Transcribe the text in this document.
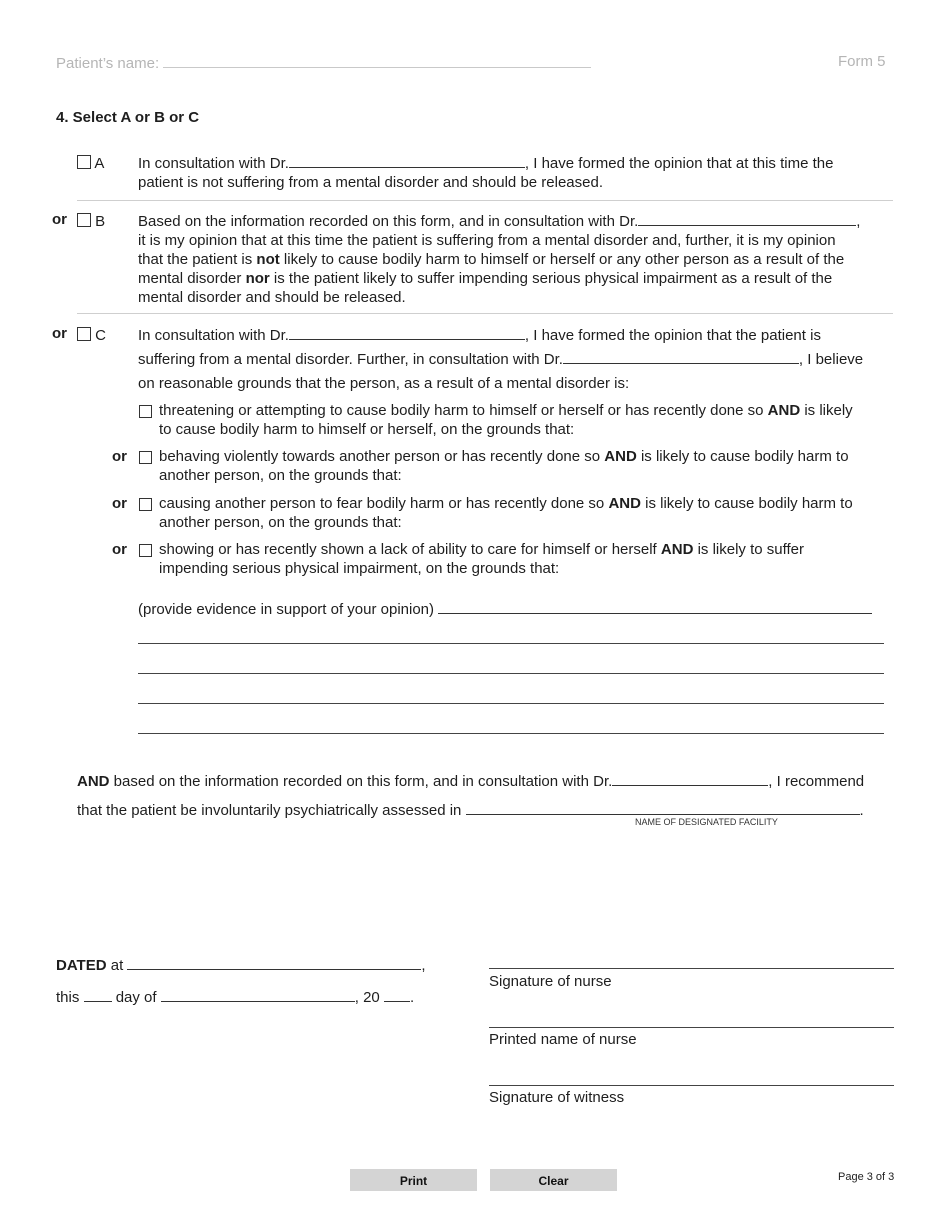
Patient’s name:	Form 5
4. Select A or B or C
A In consultation with Dr.	, I have formed the opinion that at this time the
patient is not suffering from a mental disorder and should be released.
or	B Based on the information recorded on this form, and in consultation with Dr.	,
it is my opinion that at this time the patient is suffering from a mental disorder and, further, it is my opinion
that the patient is not likely to cause bodily harm to himself or herself or any other person as a result of the
mental disorder nor is the patient likely to suffer impending serious physical impairment as a result of the
mental disorder and should be released.
or	C In consultation with Dr.	, I have formed the opinion that the patient is
suffering from a mental disorder. Further, in consultation with Dr.	, I believe
on reasonable grounds that the person, as a result of a mental disorder is:
threatening or attempting to cause bodily harm to himself or herself or has recently done so AND is likely
to cause bodily harm to himself or herself, on the grounds that:
or behaving violently towards another person or has recently done so AND is likely to cause bodily harm to
another person, on the grounds that:
or causing another person to fear bodily harm or has recently done so AND is likely to cause bodily harm to
another person, on the grounds that:
or showing or has recently shown a lack of ability to care for himself or herself AND is likely to suffer
impending serious physical impairment, on the grounds that:
(provide evidence in support of your opinion)
AND based on the information recorded on this form, and in consultation with Dr.	, I recommend
that the patient be involuntarily psychiatrically assessed in	.
NAME OF DESIGNATED FACILITY
DATED at	,
this day of	, 20 .
Signature of nurse
Printed name of nurse
Signature of witness
Print	Clear	Page 3 of 3
